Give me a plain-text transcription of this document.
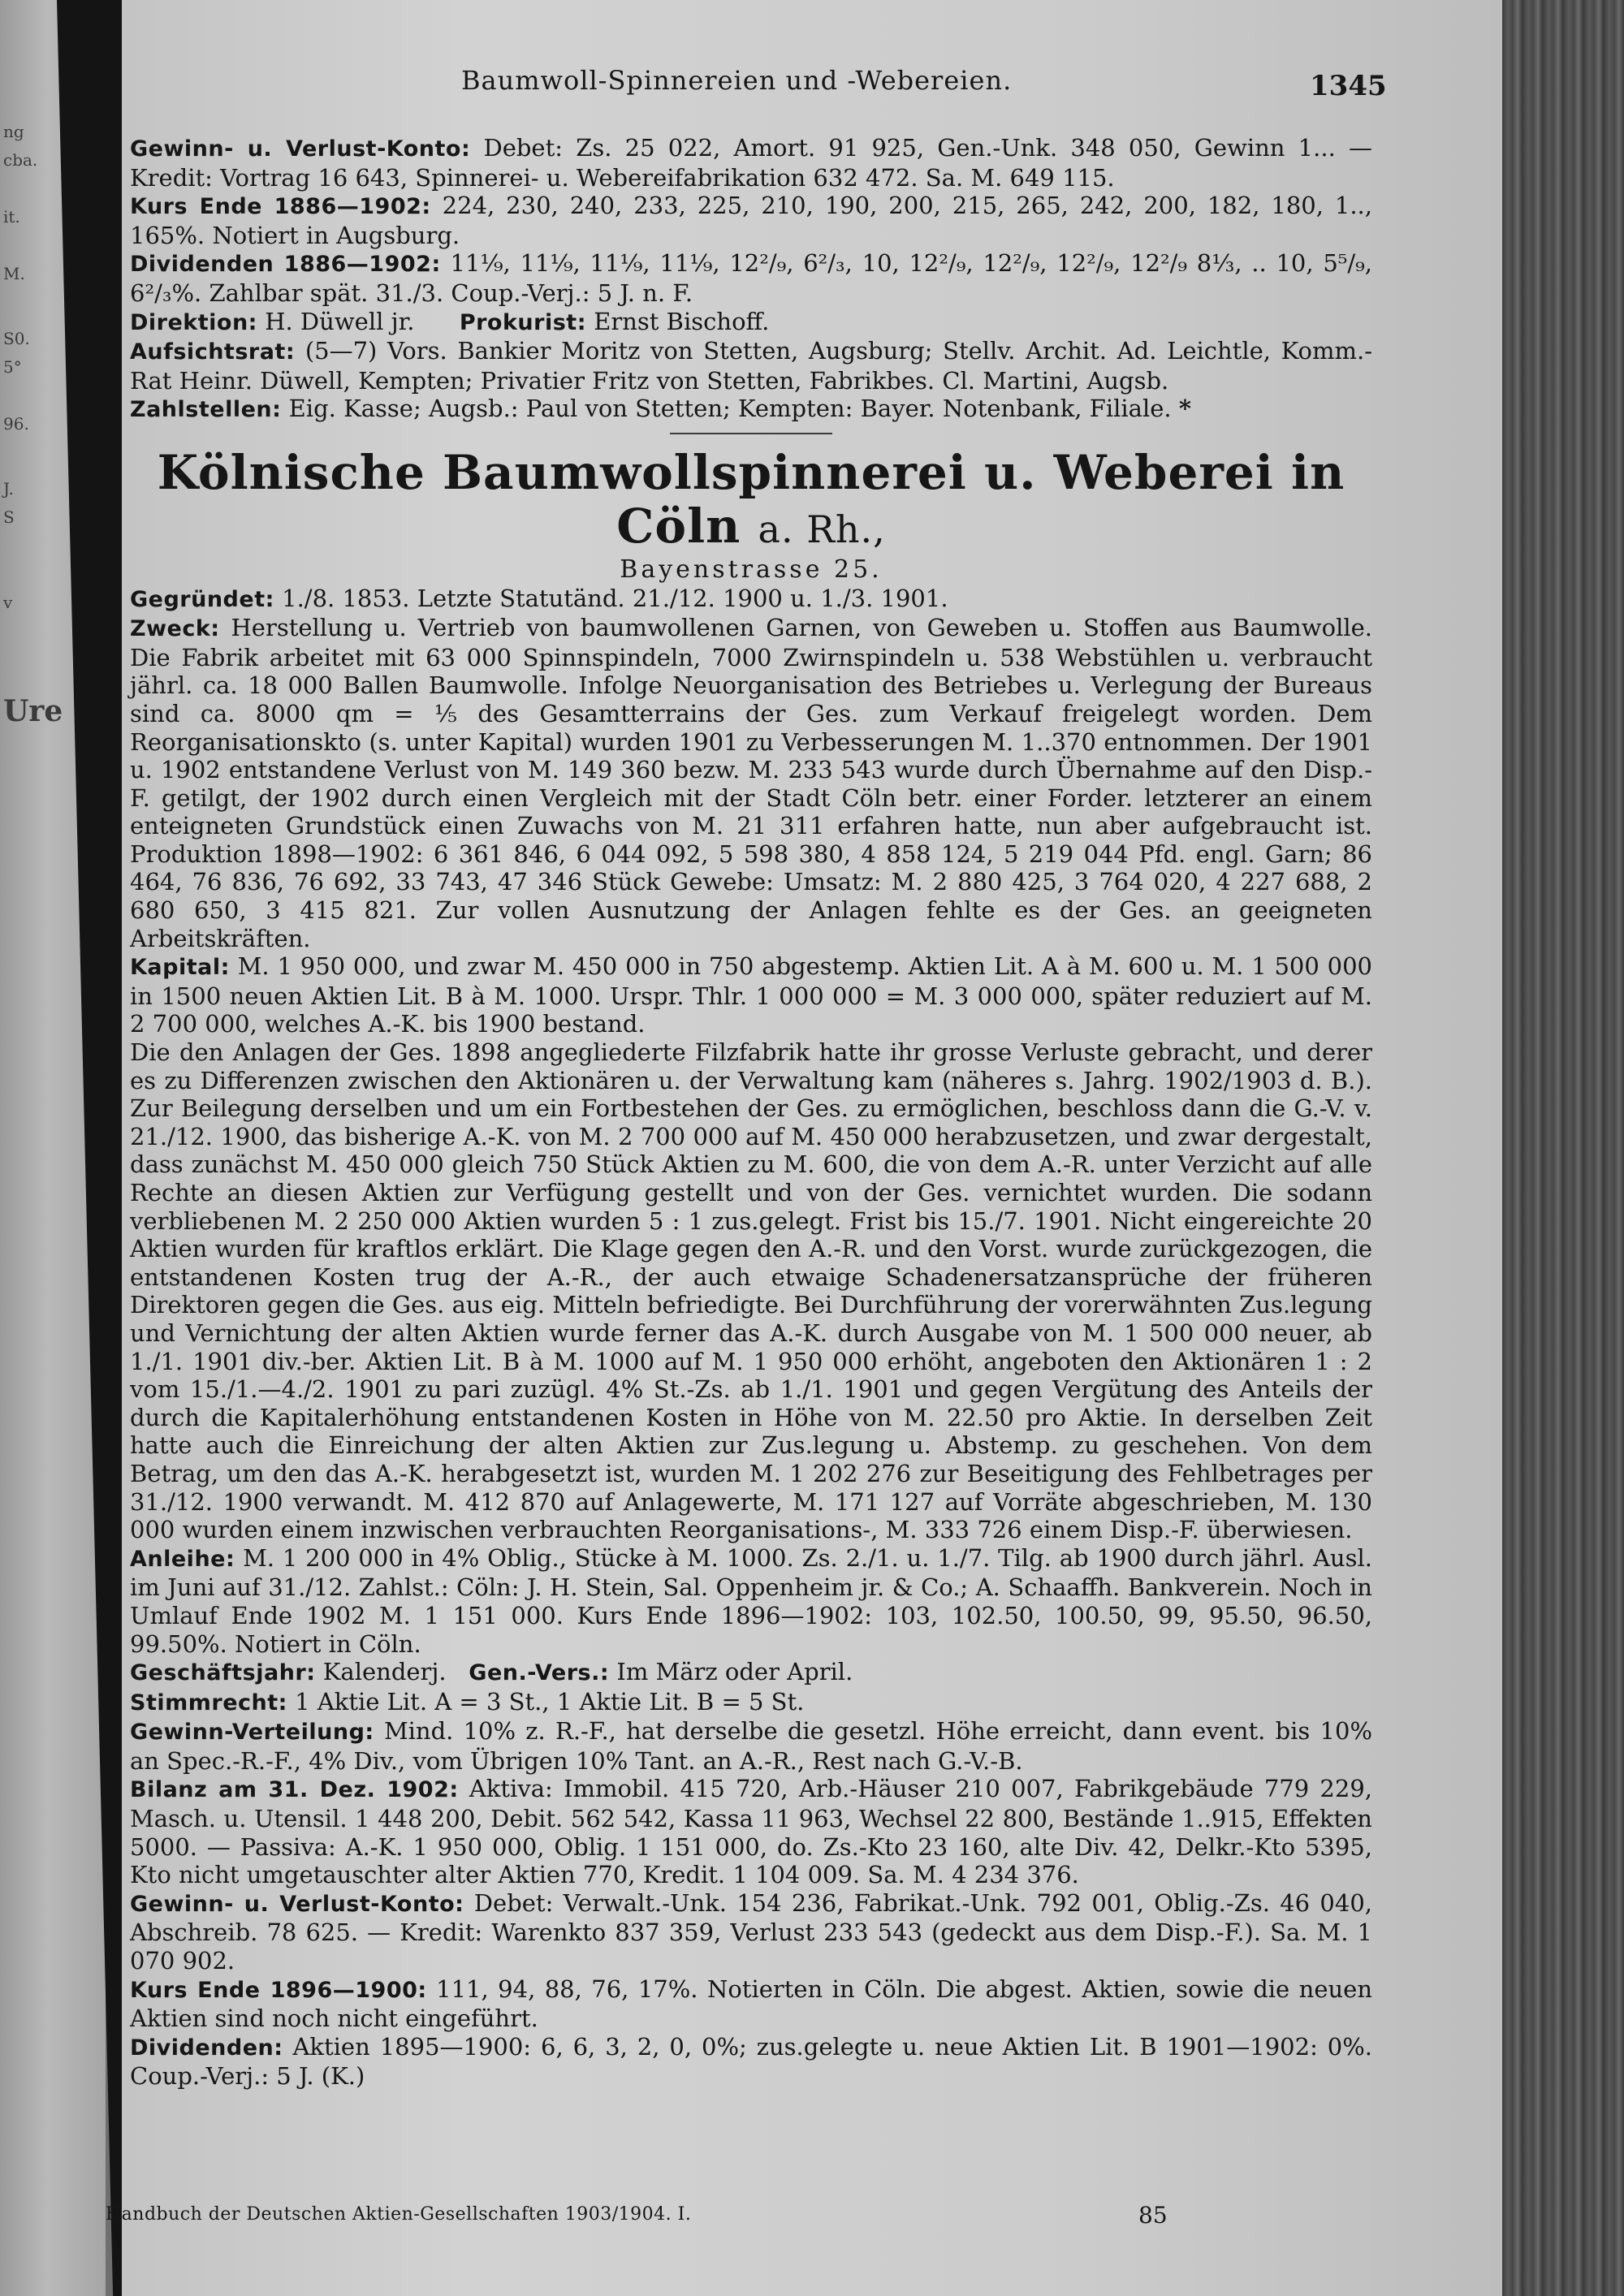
ng
cba.
it.
M.
S0.
5°
96.
J.
S
v
Ure
Baumwoll-Spinnereien und -Webereien.	1345

Gewinn- u. Verlust-Konto: Debet: Zs. 25 022, Amort. 91 925, Gen.-Unk. 348 050, Gewinn 1... — Kredit: Vortrag 16 643, Spinnerei- u. Webereifabrikation 632 472. Sa. M. 649 115.

Kurs Ende 1886—1902: 224, 230, 240, 233, 225, 210, 190, 200, 215, 265, 242, 200, 182, 180, 1.., 165%. Notiert in Augsburg.

Dividenden 1886—1902: 11⅟₉, 11⅟₉, 11⅟₉, 11⅟₉, 12²/₉, 6²/₃, 10, 12²/₉, 12²/₉, 12²/₉, 12²/₉ 8⅓, .. 10, 5⁵/₉, 6²/₃%. Zahlbar spät. 31./3. Coup.-Verj.: 5 J. n. F.

Direktion: H. Düwell jr. Prokurist: Ernst Bischoff.

Aufsichtsrat: (5—7) Vors. Bankier Moritz von Stetten, Augsburg; Stellv. Archit. Ad. Leichtle, Komm.-Rat Heinr. Düwell, Kempten; Privatier Fritz von Stetten, Fabrikbes. Cl. Martini, Augsb.

Zahlstellen: Eig. Kasse; Augsb.: Paul von Stetten; Kempten: Bayer. Notenbank, Filiale. *

Kölnische Baumwollspinnerei u. Weberei in Cöln a. Rh.,

Bayenstrasse 25.

Gegründet: 1./8. 1853. Letzte Statutänd. 21./12. 1900 u. 1./3. 1901.

Zweck: Herstellung u. Vertrieb von baumwollenen Garnen, von Geweben u. Stoffen aus Baumwolle. Die Fabrik arbeitet mit 63 000 Spinnspindeln, 7000 Zwirnspindeln u. 538 Webstühlen u. verbraucht jährl. ca. 18 000 Ballen Baumwolle. Infolge Neuorganisation des Betriebes u. Verlegung der Bureaus sind ca. 8000 qm = ⅕ des Gesamtterrains der Ges. zum Verkauf freigelegt worden. Dem Reorganisationskto (s. unter Kapital) wurden 1901 zu Verbesserungen M. 1..370 entnommen. Der 1901 u. 1902 entstandene Verlust von M. 149 360 bezw. M. 233 543 wurde durch Übernahme auf den Disp.-F. getilgt, der 1902 durch einen Vergleich mit der Stadt Cöln betr. einer Forder. letzterer an einem enteigneten Grundstück einen Zuwachs von M. 21 311 erfahren hatte, nun aber aufgebraucht ist. Produktion 1898—1902: 6 361 846, 6 044 092, 5 598 380, 4 858 124, 5 219 044 Pfd. engl. Garn; 86 464, 76 836, 76 692, 33 743, 47 346 Stück Gewebe: Umsatz: M. 2 880 425, 3 764 020, 4 227 688, 2 680 650, 3 415 821. Zur vollen Ausnutzung der Anlagen fehlte es der Ges. an geeigneten Arbeitskräften.

Kapital: M. 1 950 000, und zwar M. 450 000 in 750 abgestemp. Aktien Lit. A à M. 600 u. M. 1 500 000 in 1500 neuen Aktien Lit. B à M. 1000. Urspr. Thlr. 1 000 000 = M. 3 000 000, später reduziert auf M. 2 700 000, welches A.-K. bis 1900 bestand.

Die den Anlagen der Ges. 1898 angegliederte Filzfabrik hatte ihr grosse Verluste gebracht, und derer es zu Differenzen zwischen den Aktionären u. der Verwaltung kam (näheres s. Jahrg. 1902/1903 d. B.). Zur Beilegung derselben und um ein Fortbestehen der Ges. zu ermöglichen, beschloss dann die G.-V. v. 21./12. 1900, das bisherige A.-K. von M. 2 700 000 auf M. 450 000 herabzusetzen, und zwar dergestalt, dass zunächst M. 450 000 gleich 750 Stück Aktien zu M. 600, die von dem A.-R. unter Verzicht auf alle Rechte an diesen Aktien zur Verfügung gestellt und von der Ges. vernichtet wurden. Die sodann verbliebenen M. 2 250 000 Aktien wurden 5 : 1 zus.gelegt. Frist bis 15./7. 1901. Nicht eingereichte 20 Aktien wurden für kraftlos erklärt. Die Klage gegen den A.-R. und den Vorst. wurde zurückgezogen, die entstandenen Kosten trug der A.-R., der auch etwaige Schadenersatzansprüche der früheren Direktoren gegen die Ges. aus eig. Mitteln befriedigte. Bei Durchführung der vorerwähnten Zus.legung und Vernichtung der alten Aktien wurde ferner das A.-K. durch Ausgabe von M. 1 500 000 neuer, ab 1./1. 1901 div.-ber. Aktien Lit. B à M. 1000 auf M. 1 950 000 erhöht, angeboten den Aktionären 1 : 2 vom 15./1.—4./2. 1901 zu pari zuzügl. 4% St.-Zs. ab 1./1. 1901 und gegen Vergütung des Anteils der durch die Kapitalerhöhung entstandenen Kosten in Höhe von M. 22.50 pro Aktie. In derselben Zeit hatte auch die Einreichung der alten Aktien zur Zus.legung u. Abstemp. zu geschehen. Von dem Betrag, um den das A.-K. herabgesetzt ist, wurden M. 1 202 276 zur Beseitigung des Fehlbetrages per 31./12. 1900 verwandt. M. 412 870 auf Anlagewerte, M. 171 127 auf Vorräte abgeschrieben, M. 130 000 wurden einem inzwischen verbrauchten Reorganisations-, M. 333 726 einem Disp.-F. überwiesen.

Anleihe: M. 1 200 000 in 4% Oblig., Stücke à M. 1000. Zs. 2./1. u. 1./7. Tilg. ab 1900 durch jährl. Ausl. im Juni auf 31./12. Zahlst.: Cöln: J. H. Stein, Sal. Oppenheim jr. & Co.; A. Schaaffh. Bankverein. Noch in Umlauf Ende 1902 M. 1 151 000. Kurs Ende 1896—1902: 103, 102.50, 100.50, 99, 95.50, 96.50, 99.50%. Notiert in Cöln.

Geschäftsjahr: Kalenderj. Gen.-Vers.: Im März oder April.

Stimmrecht: 1 Aktie Lit. A = 3 St., 1 Aktie Lit. B = 5 St.

Gewinn-Verteilung: Mind. 10% z. R.-F., hat derselbe die gesetzl. Höhe erreicht, dann event. bis 10% an Spec.-R.-F., 4% Div., vom Übrigen 10% Tant. an A.-R., Rest nach G.-V.-B.

Bilanz am 31. Dez. 1902: Aktiva: Immobil. 415 720, Arb.-Häuser 210 007, Fabrikgebäude 779 229, Masch. u. Utensil. 1 448 200, Debit. 562 542, Kassa 11 963, Wechsel 22 800, Bestände 1..915, Effekten 5000. — Passiva: A.-K. 1 950 000, Oblig. 1 151 000, do. Zs.-Kto 23 160, alte Div. 42, Delkr.-Kto 5395, Kto nicht umgetauschter alter Aktien 770, Kredit. 1 104 009. Sa. M. 4 234 376.

Gewinn- u. Verlust-Konto: Debet: Verwalt.-Unk. 154 236, Fabrikat.-Unk. 792 001, Oblig.-Zs. 46 040, Abschreib. 78 625. — Kredit: Warenkto 837 359, Verlust 233 543 (gedeckt aus dem Disp.-F.). Sa. M. 1 070 902.

Kurs Ende 1896—1900: 111, 94, 88, 76, 17%. Notierten in Cöln. Die abgest. Aktien, sowie die neuen Aktien sind noch nicht eingeführt.

Dividenden: Aktien 1895—1900: 6, 6, 3, 2, 0, 0%; zus.gelegte u. neue Aktien Lit. B 1901—1902: 0%. Coup.-Verj.: 5 J. (K.)

Handbuch der Deutschen Aktien-Gesellschaften 1903/1904. I.	85
